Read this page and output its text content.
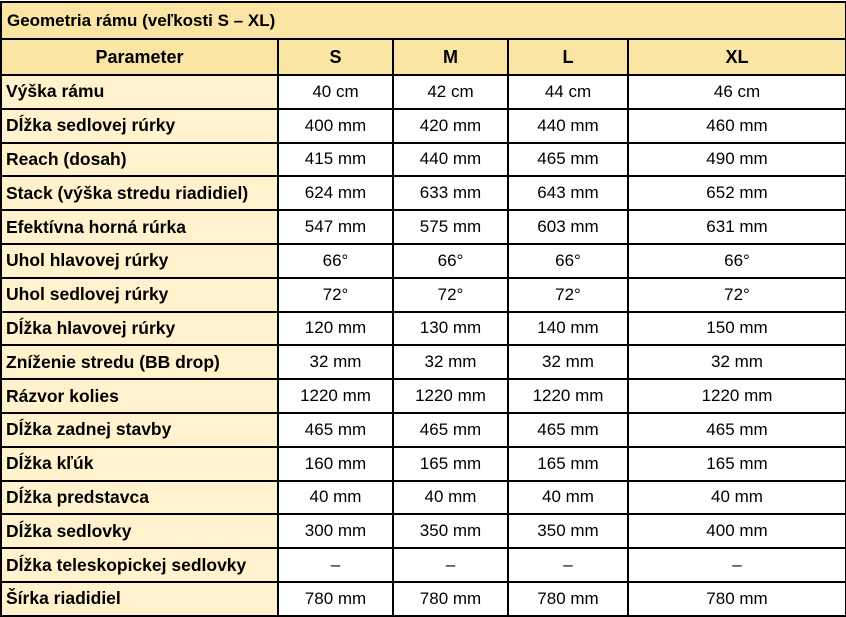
Geometria rámu (veľkosti S – XL)				
Parameter	S	M	L	XL
Výška rámu	40 cm	42 cm	44 cm	46 cm
Dĺžka sedlovej rúrky	400 mm	420 mm	440 mm	460 mm
Reach (dosah)	415 mm	440 mm	465 mm	490 mm
Stack (výška stredu riadidiel)	624 mm	633 mm	643 mm	652 mm
Efektívna horná rúrka	547 mm	575 mm	603 mm	631 mm
Uhol hlavovej rúrky	66°	66°	66°	66°
Uhol sedlovej rúrky	72°	72°	72°	72°
Dĺžka hlavovej rúrky	120 mm	130 mm	140 mm	150 mm
Zníženie stredu (BB drop)	32 mm	32 mm	32 mm	32 mm
Rázvor kolies	1220 mm	1220 mm	1220 mm	1220 mm
Dĺžka zadnej stavby	465 mm	465 mm	465 mm	465 mm
Dĺžka kľúk	160 mm	165 mm	165 mm	165 mm
Dĺžka predstavca	40 mm	40 mm	40 mm	40 mm
Dĺžka sedlovky	300 mm	350 mm	350 mm	400 mm
Dĺžka teleskopickej sedlovky	–	–	–	–
Šírka riadidiel	780 mm	780 mm	780 mm	780 mm
